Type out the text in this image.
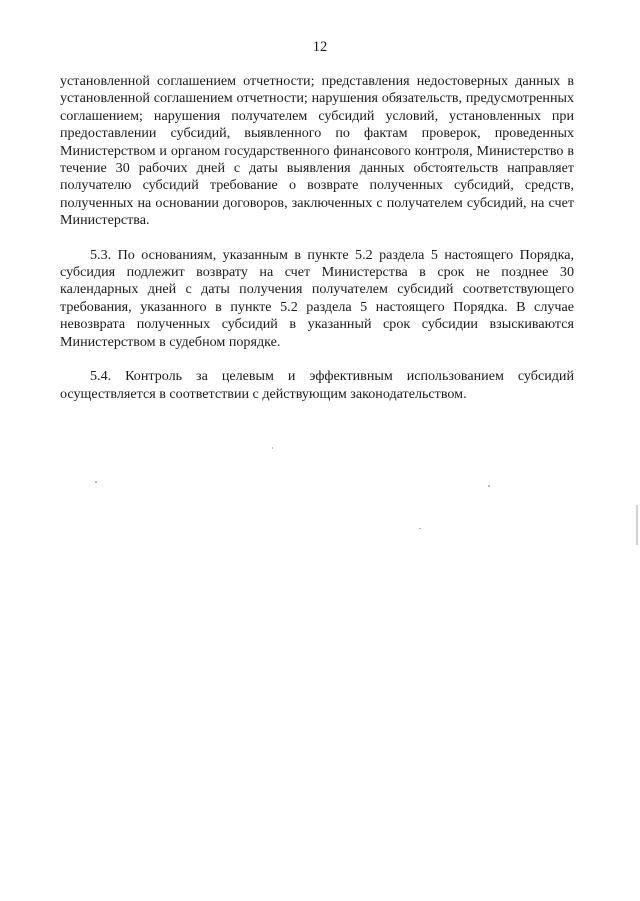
12

установленной соглашением отчетности; представления недостоверных данных в установленной соглашением отчетности; нарушения обязательств, предусмотренных соглашением; нарушения получателем субсидий условий, установленных при предоставлении субсидий, выявленного по фактам проверок, проведенных Министерством и органом государственного финансового контроля, Министерство в течение 30 рабочих дней с даты выявления данных обстоятельств направляет получателю субсидий требование о возврате полученных субсидий, средств, полученных на основании договоров, заключенных с получателем субсидий, на счет Министерства.

5.3. По основаниям, указанным в пункте 5.2 раздела 5 настоящего Порядка, субсидия подлежит возврату на счет Министерства в срок не позднее 30 календарных дней с даты получения получателем субсидий соответствующего требования, указанного в пункте 5.2 раздела 5 настоящего Порядка. В случае невозврата полученных субсидий в указанный срок субсидии взыскиваются Министерством в судебном порядке.

5.4. Контроль за целевым и эффективным использованием субсидий осуществляется в соответствии с действующим законодательством.
